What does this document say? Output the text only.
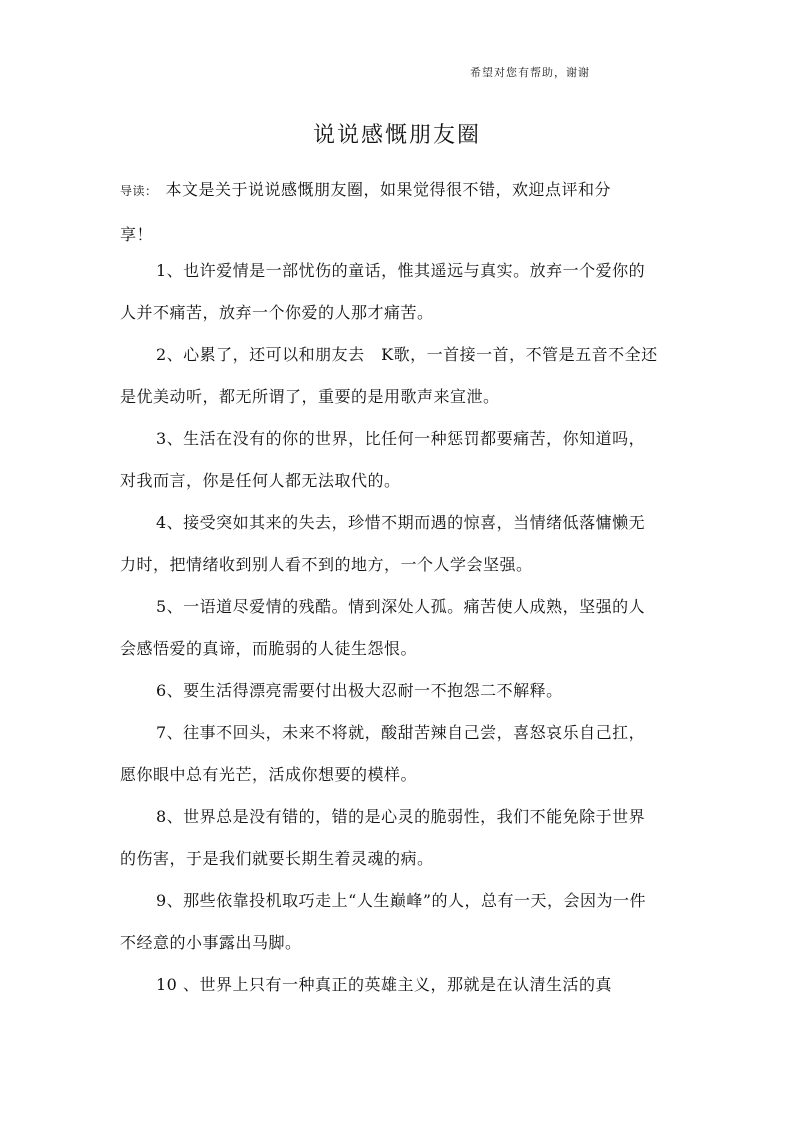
希望对您有帮助，谢谢
说说感慨朋友圈
导读： 本文是关于说说感慨朋友圈，如果觉得很不错，欢迎点评和分享！

1、也许爱情是一部忧伤的童话，惟其遥远与真实。放弃一个爱你的人并不痛苦，放弃一个你爱的人那才痛苦。

2、心累了，还可以和朋友去　K歌，一首接一首，不管是五音不全还是优美动听，都无所谓了，重要的是用歌声来宣泄。

3、生活在没有的你的世界，比任何一种惩罚都要痛苦，你知道吗，对我而言，你是任何人都无法取代的。

4、接受突如其来的失去，珍惜不期而遇的惊喜，当情绪低落慵懒无力时，把情绪收到别人看不到的地方，一个人学会坚强。

5、一语道尽爱情的残酷。情到深处人孤。痛苦使人成熟，坚强的人会感悟爱的真谛，而脆弱的人徒生怨恨。

6、要生活得漂亮需要付出极大忍耐一不抱怨二不解释。

7、往事不回头，未来不将就，酸甜苦辣自己尝，喜怒哀乐自己扛，愿你眼中总有光芒，活成你想要的模样。

8、世界总是没有错的，错的是心灵的脆弱性，我们不能免除于世界的伤害，于是我们就要长期生着灵魂的病。

9、那些依靠投机取巧走上“人生巅峰”的人，总有一天，会因为一件不经意的小事露出马脚。

10 、世界上只有一种真正的英雄主义，那就是在认清生活的真
